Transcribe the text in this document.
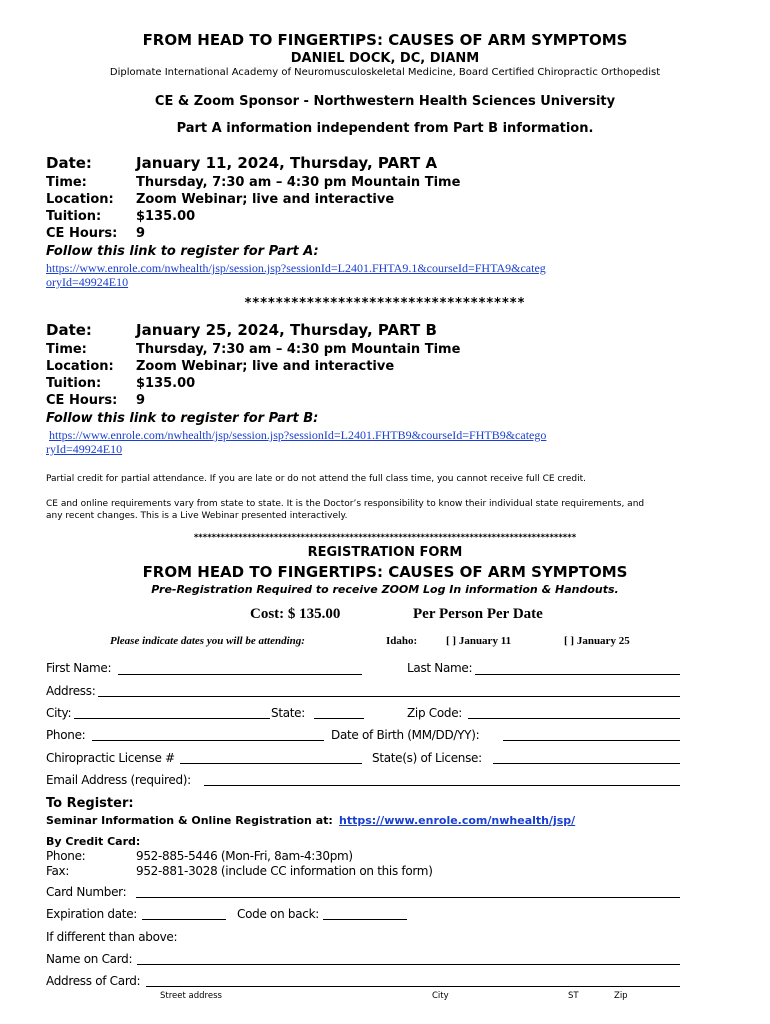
FROM HEAD TO FINGERTIPS: CAUSES OF ARM SYMPTOMS
DANIEL DOCK, DC, DIANM
Diplomate International Academy of Neuromusculoskeletal Medicine, Board Certified Chiropractic Orthopedist
CE & Zoom Sponsor - Northwestern Health Sciences University
Part A information independent from Part B information.
Date:	January 11, 2024, Thursday, PART A
Time:	Thursday, 7:30 am – 4:30 pm Mountain Time
Location: Zoom Webinar; live and interactive
Tuition:	$135.00
CE Hours: 9
Follow this link to register for Part A:
https://www.enrole.com/nwhealth/jsp/session.jsp?sessionId=L2401.FHTA9.1&courseId=FHTA9&categ
oryId=49924E10
************************************
Date:	January 25, 2024, Thursday, PART B
Time:	Thursday, 7:30 am – 4:30 pm Mountain Time
Location: Zoom Webinar; live and interactive
Tuition:	$135.00
CE Hours: 9
Follow this link to register for Part B:
https://www.enrole.com/nwhealth/jsp/session.jsp?sessionId=L2401.FHTB9&courseId=FHTB9&catego
ryId=49924E10
Partial credit for partial attendance. If you are late or do not attend the full class time, you cannot receive full CE credit.
CE and online requirements vary from state to state. It is the Doctor’s responsibility to know their individual state requirements, and
any recent changes. This is a Live Webinar presented interactively.
**************************************************************************************
REGISTRATION FORM
FROM HEAD TO FINGERTIPS: CAUSES OF ARM SYMPTOMS
Pre-Registration Required to receive ZOOM Log In information & Handouts.
Cost: $ 135.00	Per Person Per Date
Please indicate dates you will be attending:	Idaho:	[ ] January 11	[ ] January 25
First Name:	Last Name:
Address:
City:	State:	Zip Code:
Phone:	Date of Birth (MM/DD/YY):
Chiropractic License #	State(s) of License:
Email Address (required):
To Register:
Seminar Information & Online Registration at: https://www.enrole.com/nwhealth/jsp/
By Credit Card:
Phone:	952-885-5446 (Mon-Fri, 8am-4:30pm)
Fax:	952-881-3028 (include CC information on this form)
Card Number:
Expiration date:	Code on back:
If different than above:
Name on Card:
Address of Card:
Street address	City	ST	Zip
